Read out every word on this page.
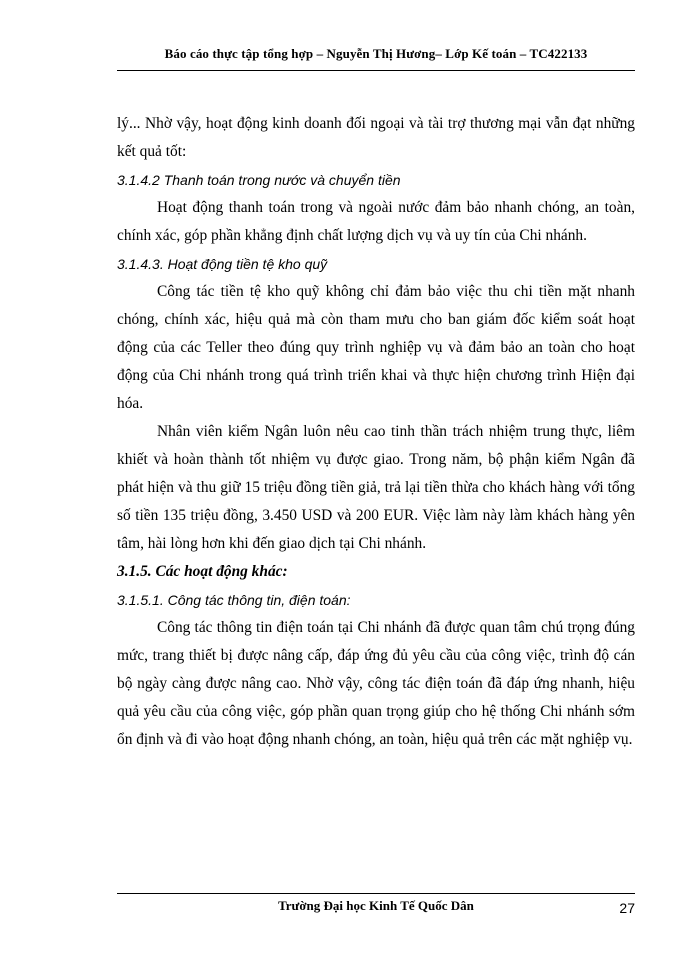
Báo cáo thực tập tổng hợp – Nguyễn Thị Hương– Lớp Kế toán – TC422133

lý... Nhờ vậy, hoạt động kinh doanh đối ngoại và tài trợ thương mại vẫn đạt những kết quả tốt:

3.1.4.2 Thanh toán trong nước và chuyển tiền

Hoạt động thanh toán trong và ngoài nước đảm bảo nhanh chóng, an toàn, chính xác, góp phần khẳng định chất lượng dịch vụ và uy tín của Chi nhánh.

3.1.4.3. Hoạt động tiền tệ kho quỹ

Công tác tiền tệ kho quỹ không chỉ đảm bảo việc thu chi tiền mặt nhanh chóng, chính xác, hiệu quả mà còn tham mưu cho ban giám đốc kiểm soát hoạt động của các Teller theo đúng quy trình nghiệp vụ và đảm bảo an toàn cho hoạt động của Chi nhánh trong quá trình triển khai và thực hiện chương trình Hiện đại hóa.

Nhân viên kiểm Ngân luôn nêu cao tinh thần trách nhiệm trung thực, liêm khiết và hoàn thành tốt nhiệm vụ được giao. Trong năm, bộ phận kiểm Ngân đã phát hiện và thu giữ 15 triệu đồng tiền giả, trả lại tiền thừa cho khách hàng với tổng số tiền 135 triệu đồng, 3.450 USD và 200 EUR. Việc làm này làm khách hàng yên tâm, hài lòng hơn khi đến giao dịch tại Chi nhánh.

3.1.5. Các hoạt động khác:

3.1.5.1. Công tác thông tin, điện toán:

Công tác thông tin điện toán tại Chi nhánh đã được quan tâm chú trọng đúng mức, trang thiết bị được nâng cấp, đáp ứng đủ yêu cầu của công việc, trình độ cán bộ ngày càng được nâng cao. Nhờ vậy, công tác điện toán đã đáp ứng nhanh, hiệu quả yêu cầu của công việc, góp phần quan trọng giúp cho hệ thống Chi nhánh sớm ổn định và đi vào hoạt động nhanh chóng, an toàn, hiệu quả trên các mặt nghiệp vụ.

Trường Đại học Kinh Tế Quốc Dân	27
